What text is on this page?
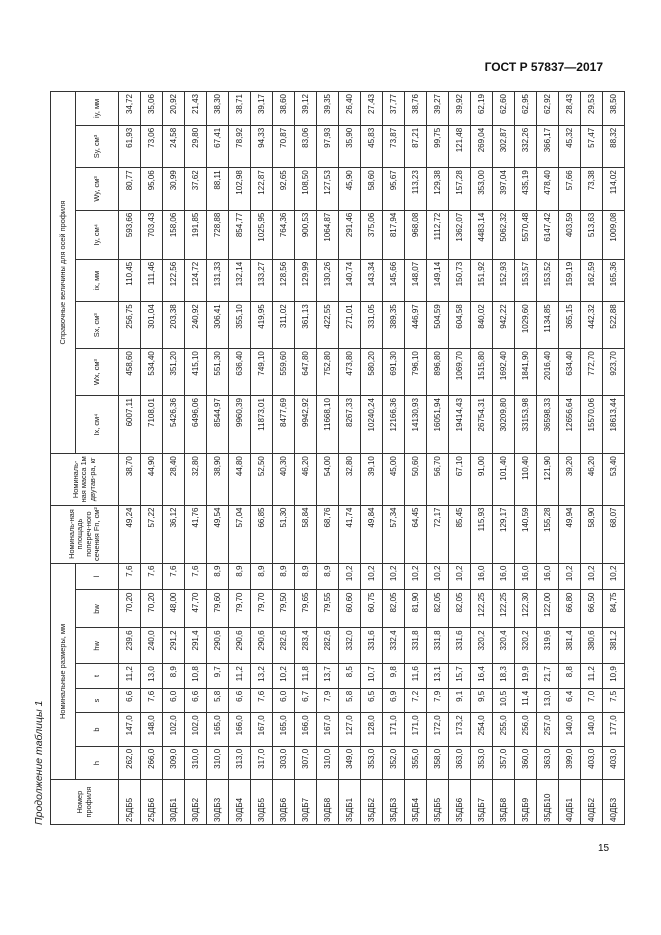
ГОСТ Р 57837—2017
Продолжение таблицы 1	Номер профиля	Номинальные размеры, мм							Номиналь-ная площадь попереч-ного сечения Fn, см²	Номиналь-ная масса 1м двутав-ра, кг	Справочные величины для осей профиля							
	h	b	s	t	hw	bw	l			Ix, см⁴	Wx, см³	Sx, см³	ix, мм	Iy, см⁴	Wy, см³	Sy, см³	iy, мм
25ДБ5	262,0	147,0	6,6	11,2	239,6	70,20	7,6	49,24	38,70	6007,11	458,60	256,75	110,45	593,66	80,77	61,93	34,72
25ДБ6	266,0	148,0	7,6	13,0	240,0	70,20	7,6	57,22	44,90	7108,01	534,40	301,04	111,46	703,43	95,06	73,06	35,06
30ДБ1	309,0	102,0	6,0	8,9	291,2	48,00	7,6	36,12	28,40	5426,36	351,20	203,38	122,56	158,06	30,99	24,58	20,92
30ДБ2	310,0	102,0	6,6	10,8	291,4	47,70	7,6	41,76	32,80	6496,06	415,10	240,92	124,72	191,85	37,62	29,80	21,43
30ДБ3	310,0	165,0	5,8	9,7	290,6	79,60	8,9	49,54	38,90	8544,97	551,30	306,41	131,33	728,88	88,11	67,41	38,30
30ДБ4	313,0	166,0	6,6	11,2	290,6	79,70	8,9	57,04	44,80	9960,39	636,40	355,10	132,14	854,77	102,98	78,92	38,71
30ДБ5	317,0	167,0	7,6	13,2	290,6	79,70	8,9	66,85	52,50	11873,01	749,10	419,95	133,27	1025,95	122,87	94,33	39,17
30ДБ6	303,0	165,0	6,0	10,2	282,6	79,50	8,9	51,30	40,30	8477,69	559,60	311,02	128,56	764,36	92,65	70,87	38,60
30ДБ7	307,0	166,0	6,7	11,8	283,4	79,65	8,9	58,84	46,20	9942,92	647,80	361,13	129,99	900,53	108,50	83,06	39,12
30ДБ8	310,0	167,0	7,9	13,7	282,6	79,55	8,9	68,76	54,00	11668,10	752,80	422,55	130,26	1064,87	127,53	97,93	39,35
35ДБ1	349,0	127,0	5,8	8,5	332,0	60,60	10,2	41,74	32,80	8267,33	473,80	271,01	140,74	291,46	45,90	35,90	26,40
35ДБ2	353,0	128,0	6,5	10,7	331,6	60,75	10,2	49,84	39,10	10240,24	580,20	331,05	143,34	375,06	58,60	45,83	27,43
35ДБ3	352,0	171,0	6,9	9,8	332,4	82,05	10,2	57,34	45,00	12166,36	691,30	389,35	145,66	817,94	95,67	73,87	37,77
35ДБ4	355,0	171,0	7,2	11,6	331,8	81,90	10,2	64,45	50,60	14130,93	796,10	446,97	148,07	968,08	113,23	87,21	38,76
35ДБ5	358,0	172,0	7,9	13,1	331,8	82,05	10,2	72,17	56,70	16051,94	896,80	504,59	149,14	1112,72	129,38	99,75	39,27
35ДБ6	363,0	173,2	9,1	15,7	331,6	82,05	10,2	85,45	67,10	19414,43	1069,70	604,58	150,73	1362,07	157,28	121,48	39,92
35ДБ7	353,0	254,0	9,5	16,4	320,2	122,25	16,0	115,93	91,00	26754,31	1515,80	840,02	151,92	4483,14	353,00	269,04	62,19
35ДБ8	357,0	255,0	10,5	18,3	320,4	122,25	16,0	129,17	101,40	30209,80	1692,40	942,22	152,93	5062,32	397,04	302,87	62,60
35ДБ9	360,0	256,0	11,4	19,9	320,2	122,30	16,0	140,59	110,40	33153,98	1841,90	1029,60	153,57	5570,48	435,19	332,26	62,95
35ДБ10	363,0	257,0	13,0	21,7	319,6	122,00	16,0	155,28	121,90	36598,33	2016,40	1134,85	153,52	6147,42	478,40	366,17	62,92
40ДБ1	399,0	140,0	6,4	8,8	381,4	66,80	10,2	49,94	39,20	12656,64	634,40	365,15	159,19	403,59	57,66	45,32	28,43
40ДБ2	403,0	140,0	7,0	11,2	380,6	66,50	10,2	58,90	46,20	15570,06	772,70	442,32	162,59	513,63	73,38	57,47	29,53
40ДБ3	403,0	177,0	7,5	10,9	381,2	84,75	10,2	68,07	53,40	18613,44	923,70	522,88	165,36	1009,08	114,02	88,32	38,50
15
